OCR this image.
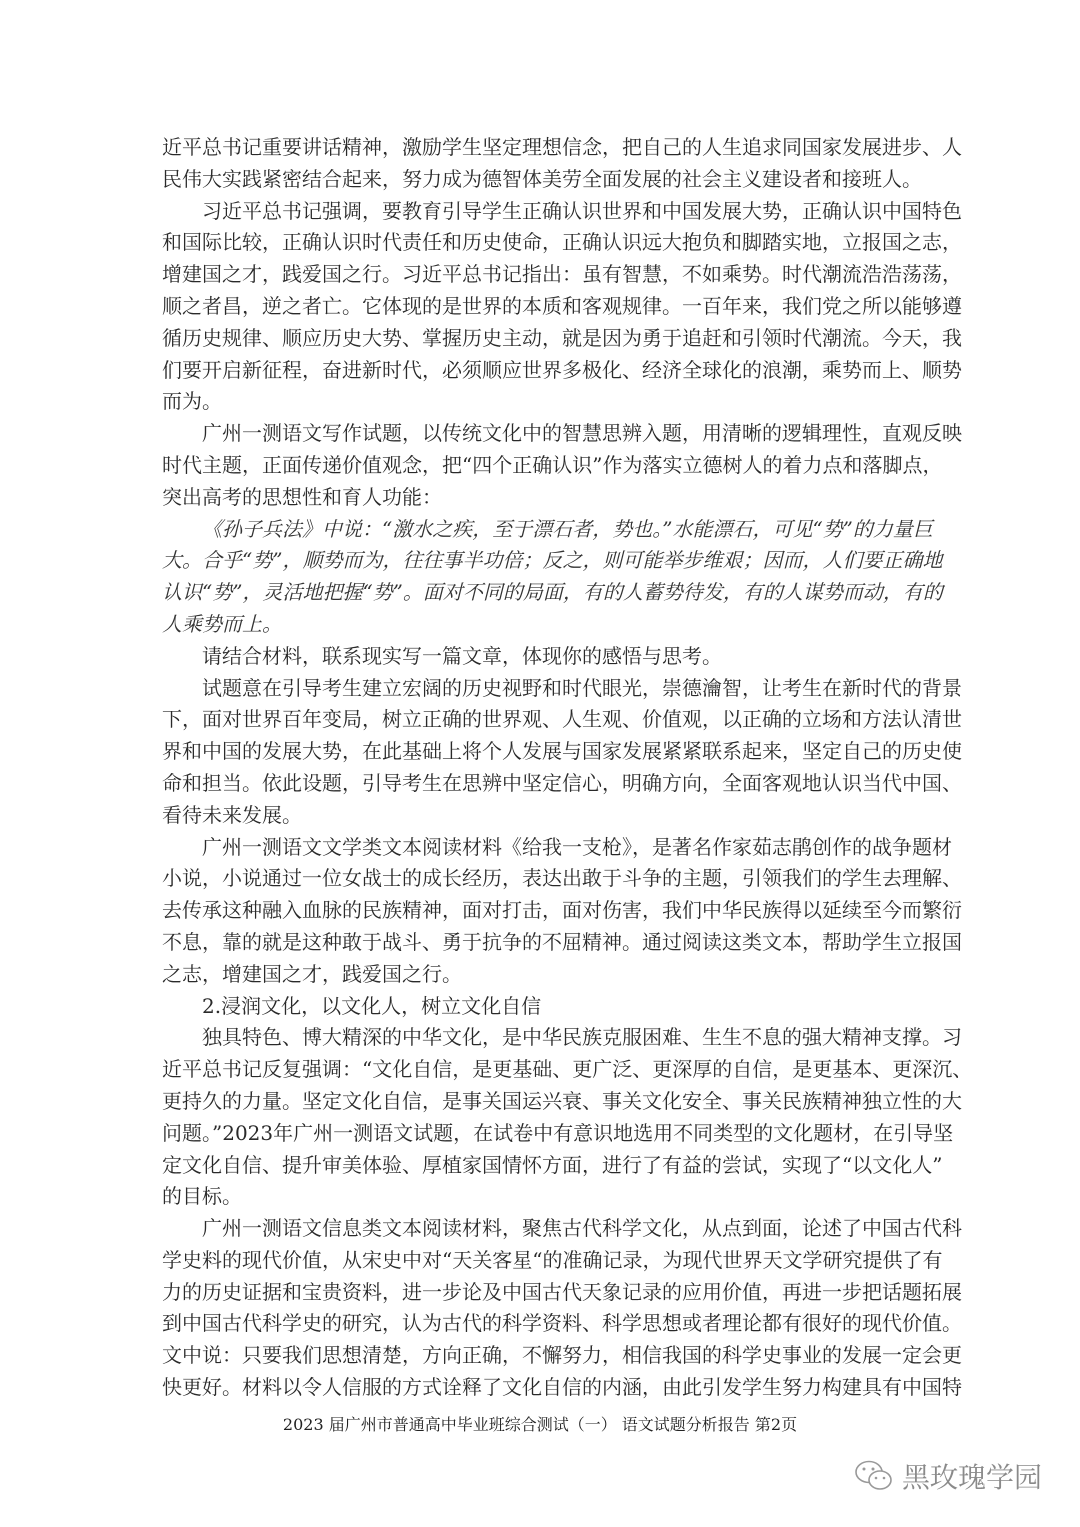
近平总书记重要讲话精神，激励学生坚定理想信念，把自己的人生追求同国家发展进步、人
民伟大实践紧密结合起来，努力成为德智体美劳全面发展的社会主义建设者和接班人。
习近平总书记强调，要教育引导学生正确认识世界和中国发展大势，正确认识中国特色
和国际比较，正确认识时代责任和历史使命，正确认识远大抱负和脚踏实地，立报国之志，
增建国之才，践爱国之行。习近平总书记指出：虽有智慧，不如乘势。时代潮流浩浩荡荡，
顺之者昌，逆之者亡。它体现的是世界的本质和客观规律。一百年来，我们党之所以能够遵
循历史规律、顺应历史大势、掌握历史主动，就是因为勇于追赶和引领时代潮流。今天，我
们要开启新征程，奋进新时代，必须顺应世界多极化、经济全球化的浪潮，乘势而上、顺势
而为。
广州一测语文写作试题，以传统文化中的智慧思辨入题，用清晰的逻辑理性，直观反映
时代主题，正面传递价值观念，把“四个正确认识”作为落实立德树人的着力点和落脚点，
突出高考的思想性和育人功能：
《孙子兵法》中说：“激水之疾，至于漂石者，势也。”水能漂石，可见“势”的力量巨
大。合乎“势”，顺势而为，往往事半功倍；反之，则可能举步维艰；因而，人们要正确地
认识“势”，灵活地把握“势”。面对不同的局面，有的人蓄势待发，有的人谋势而动，有的
人乘势而上。
请结合材料，联系现实写一篇文章，体现你的感悟与思考。
试题意在引导考生建立宏阔的历史视野和时代眼光，崇德瀹智，让考生在新时代的背景
下，面对世界百年变局，树立正确的世界观、人生观、价值观，以正确的立场和方法认清世
界和中国的发展大势，在此基础上将个人发展与国家发展紧紧联系起来，坚定自己的历史使
命和担当。依此设题，引导考生在思辨中坚定信心，明确方向，全面客观地认识当代中国、
看待未来发展。
广州一测语文文学类文本阅读材料《给我一支枪》，是著名作家茹志鹃创作的战争题材
小说，小说通过一位女战士的成长经历，表达出敢于斗争的主题，引领我们的学生去理解、
去传承这种融入血脉的民族精神，面对打击，面对伤害，我们中华民族得以延续至今而繁衍
不息，靠的就是这种敢于战斗、勇于抗争的不屈精神。通过阅读这类文本，帮助学生立报国
之志，增建国之才，践爱国之行。
2.浸润文化，以文化人，树立文化自信
独具特色、博大精深的中华文化，是中华民族克服困难、生生不息的强大精神支撑。习
近平总书记反复强调：“文化自信，是更基础、更广泛、更深厚的自信，是更基本、更深沉、
更持久的力量。坚定文化自信，是事关国运兴衰、事关文化安全、事关民族精神独立性的大
问题。”2023年广州一测语文试题，在试卷中有意识地选用不同类型的文化题材，在引导坚
定文化自信、提升审美体验、厚植家国情怀方面，进行了有益的尝试，实现了“以文化人”
的目标。
广州一测语文信息类文本阅读材料，聚焦古代科学文化，从点到面，论述了中国古代科
学史料的现代价值，从宋史中对“天关客星“的准确记录，为现代世界天文学研究提供了有
力的历史证据和宝贵资料，进一步论及中国古代天象记录的应用价值，再进一步把话题拓展
到中国古代科学史的研究，认为古代的科学资料、科学思想或者理论都有很好的现代价值。
文中说：只要我们思想清楚，方向正确，不懈努力，相信我国的科学史事业的发展一定会更
快更好。材料以令人信服的方式诠释了文化自信的内涵，由此引发学生努力构建具有中国特
2023 届广州市普通高中毕业班综合测试（一） 语文试题分析报告 第2页
黑玫瑰学园
